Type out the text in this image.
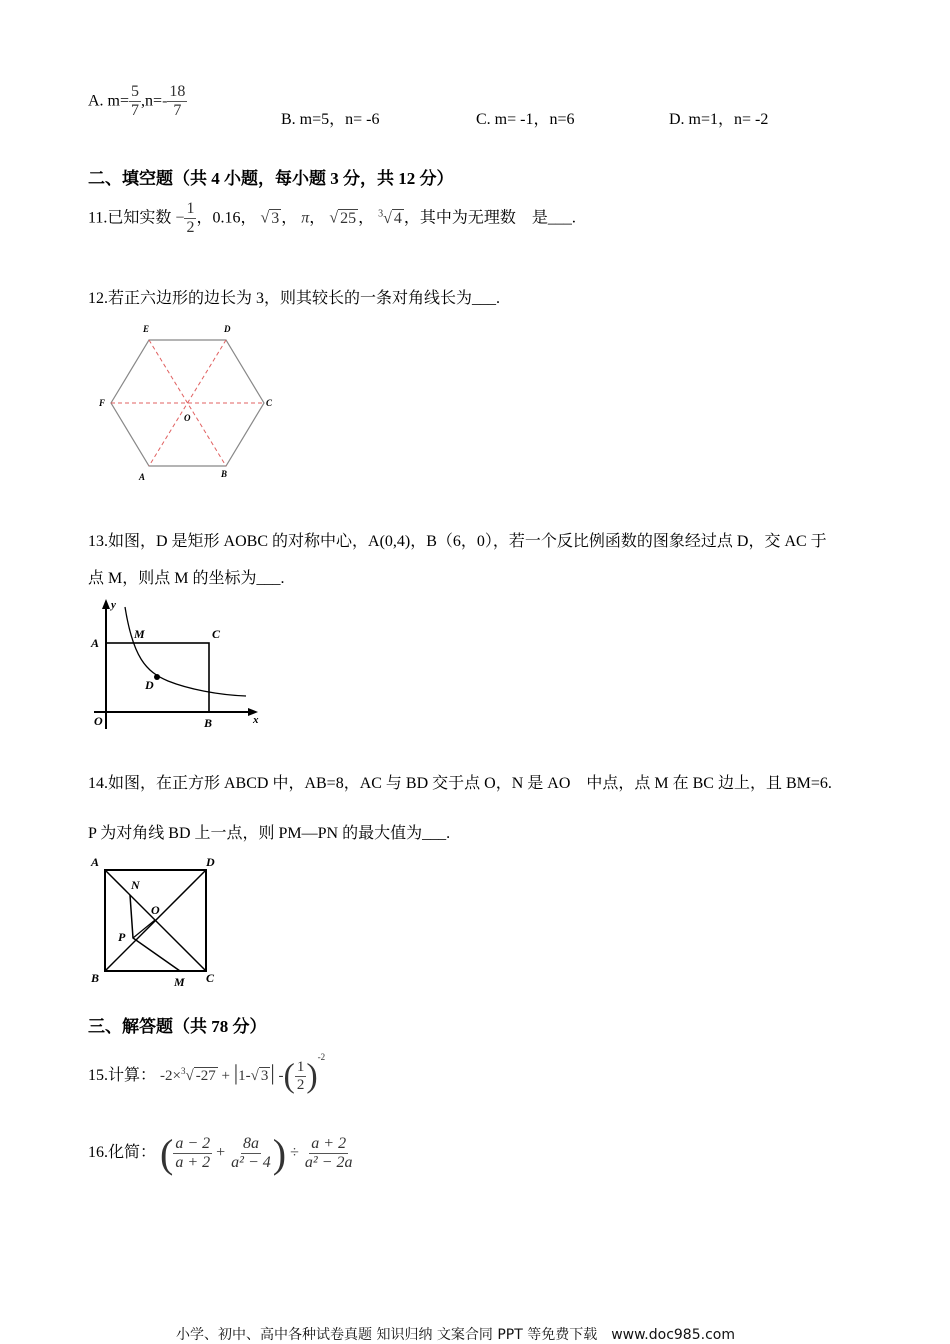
A. $m= \frac{5}{7} ,n=- \frac{18}{7}$	B. m=5，n= -6	C. m= -1，n=6	D. m=1，n= -2
二、填空题（共 4 小题，每小题 3 分，共 12 分）
11.已知实数 − $\frac{1}{2}$ ，0.16， √ 3 ， π， √ 25 ， $^3$√ 4 ，其中为无理数　是___.
12.若正六边形的边长为 3，则其较长的一条对角线长为___.
E	D
F	C
O
A	B
13.如图，D 是矩形 AOBC 的对称中心，A(0,4)，B（6，0），若一个反比例函数的图象经过点 D，交 AC 于
点 M，则点 M 的坐标为___.
y
x
A
M	C
D
O	B
14.如图，在正方形 ABCD 中，AB=8，AC 与 BD 交于点 O，N 是 AO　中点，点 M 在 BC 边上，且 BM=6.
P 为对角线 BD 上一点，则 PM—PN 的最大值为___.
A	D
N
O
P
B	M C
三、解答题（共 78 分）
15.计算： -2×$^3$√ -27 + |1-√ 3| -( $\frac{1}{2} )^{-2}$
16.化简： ( $\frac{a - 2}{a + 2} + \frac{8a}{\text{a² − 4}}$ ) ÷ $\frac{a + 2}{\text{a² − 2a}}$
小学、初中、高中各种试卷真题 知识归纳 文案合同 PPT 等免费下载　www.doc985.com
